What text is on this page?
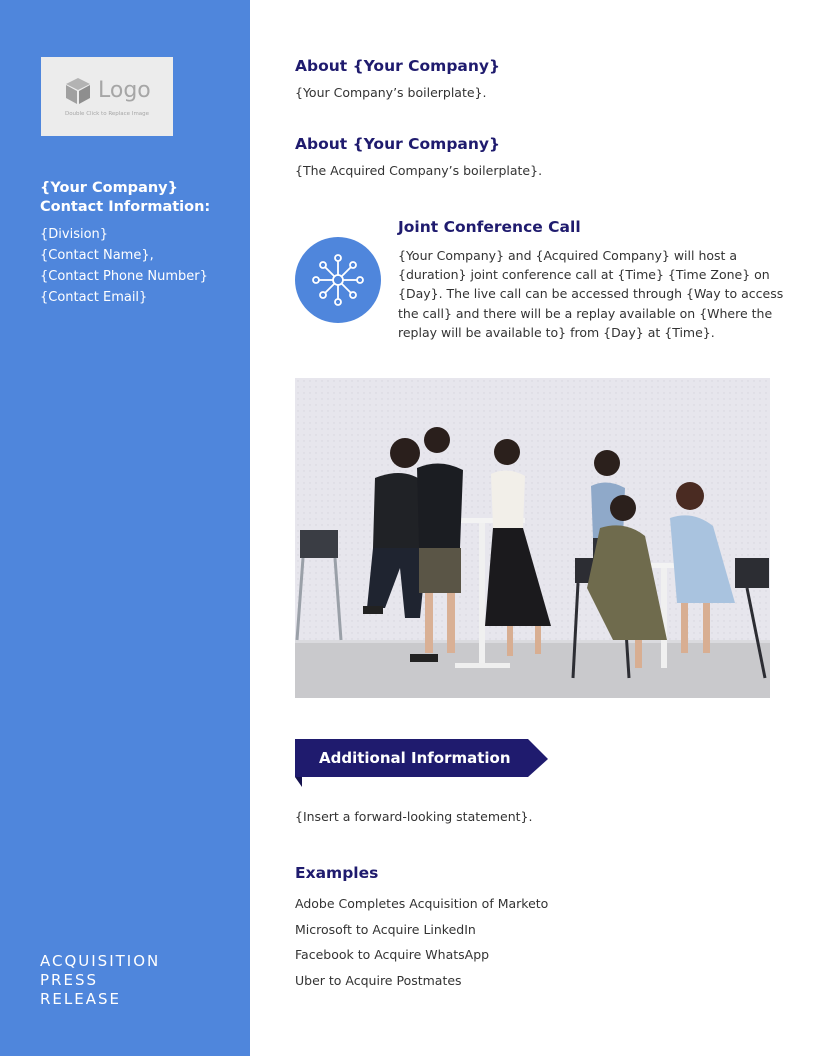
Logo
Double Click to Replace Image
{Your Company}
Contact Information:
{Division}
{Contact Name},
{Contact Phone Number}
{Contact Email}
ACQUISITION
PRESS
RELEASE
About {Your Company}
{Your Company’s boilerplate}.
About {Your Company}
{The Acquired Company’s boilerplate}.
Joint Conference Call
{Your Company} and {Acquired Company} will host a {duration} joint conference call at {Time} {Time Zone} on {Day}. The live call can be accessed through {Way to access the call} and there will be a replay available on {Where the replay will be available to} from {Day} at {Time}.
Additional Information
{Insert a forward-looking statement}.
Examples
Adobe Completes Acquisition of Marketo
Microsoft to Acquire LinkedIn
Facebook to Acquire WhatsApp
Uber to Acquire Postmates
